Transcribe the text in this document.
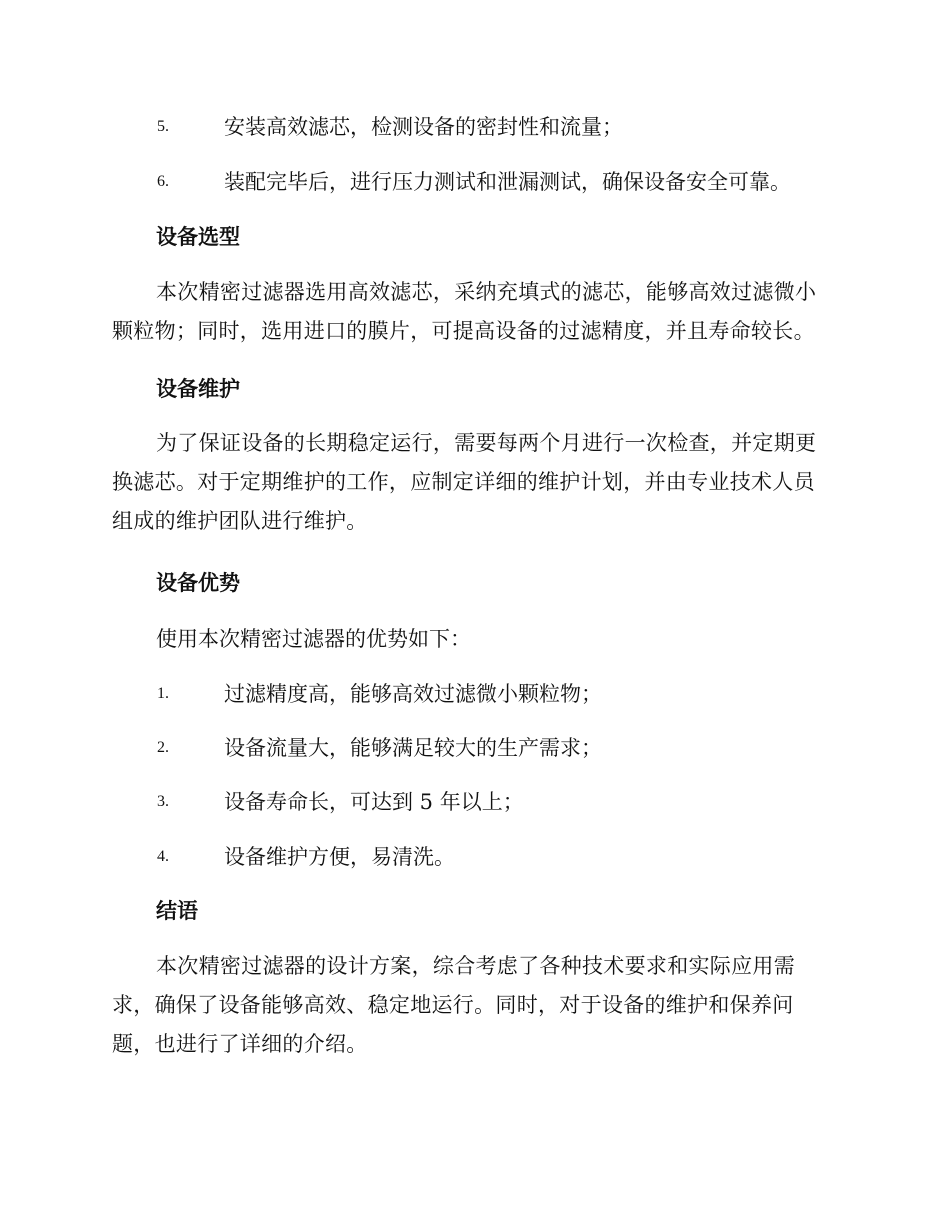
5.	安装高效滤芯，检测设备的密封性和流量；
6.	装配完毕后，进行压力测试和泄漏测试，确保设备安全可靠。
设备选型
本次精密过滤器选用高效滤芯，采纳充填式的滤芯，能够高效过滤微小颗粒物；同时，选用进口的膜片，可提高设备的过滤精度，并且寿命较长。
设备维护
为了保证设备的长期稳定运行，需要每两个月进行一次检查，并定期更换滤芯。对于定期维护的工作，应制定详细的维护计划，并由专业技术人员组成的维护团队进行维护。
设备优势
使用本次精密过滤器的优势如下：
1.	过滤精度高，能够高效过滤微小颗粒物；
2.	设备流量大，能够满足较大的生产需求；
3.	设备寿命长，可达到 5 年以上；
4.	设备维护方便，易清洗。
结语
本次精密过滤器的设计方案，综合考虑了各种技术要求和实际应用需求，确保了设备能够高效、稳定地运行。同时，对于设备的维护和保养问题，也进行了详细的介绍。
